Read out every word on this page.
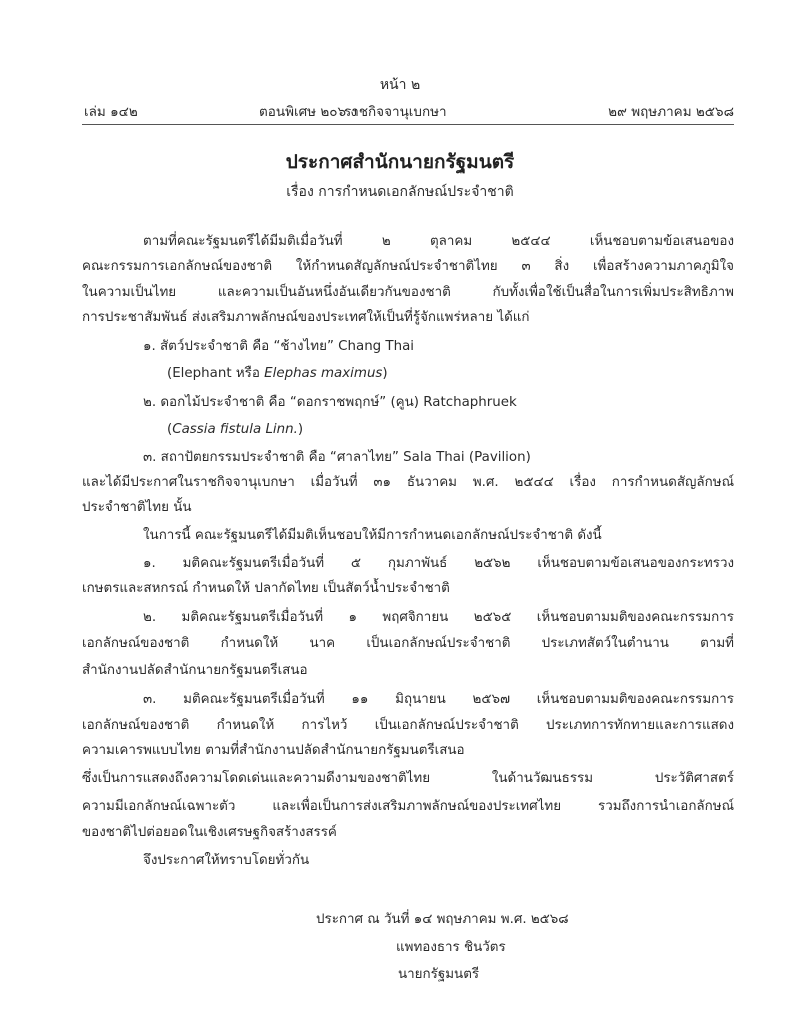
หน้า ๒
เล่ม ๑๔๒	ตอนพิเศษ ๒๐๖ ง
ราชกิจจานุเบกษา	๒๙ พฤษภาคม ๒๕๖๘
ประกาศสำนักนายกรัฐมนตรี
เรื่อง การกำหนดเอกลักษณ์ประจำชาติ
ตามที่คณะรัฐมนตรีได้มีมติเมื่อวันที่ ๒ ตุลาคม ๒๕๔๔ เห็นชอบตามข้อเสนอของ
คณะกรรมการเอกลักษณ์ของชาติ ให้กำหนดสัญลักษณ์ประจำชาติไทย ๓ สิ่ง เพื่อสร้างความภาคภูมิใจ
ในความเป็นไทย และความเป็นอันหนึ่งอันเดียวกันของชาติ กับทั้งเพื่อใช้เป็นสื่อในการเพิ่มประสิทธิภาพ
การประชาสัมพันธ์ ส่งเสริมภาพลักษณ์ของประเทศให้เป็นที่รู้จักแพร่หลาย ได้แก่
๑. สัตว์ประจำชาติ คือ “ช้างไทย” Chang Thai
(Elephant หรือ Elephas maximus)
๒. ดอกไม้ประจำชาติ คือ “ดอกราชพฤกษ์” (คูน) Ratchaphruek
(Cassia fistula Linn.)
๓. สถาปัตยกรรมประจำชาติ คือ “ศาลาไทย” Sala Thai (Pavilion)
และได้มีประกาศในราชกิจจานุเบกษา เมื่อวันที่ ๓๑ ธันวาคม พ.ศ. ๒๕๔๔ เรื่อง การกำหนดสัญลักษณ์
ประจำชาติไทย นั้น
ในการนี้ คณะรัฐมนตรีได้มีมติเห็นชอบให้มีการกำหนดเอกลักษณ์ประจำชาติ ดังนี้
๑. มติคณะรัฐมนตรีเมื่อวันที่ ๕ กุมภาพันธ์ ๒๕๖๒ เห็นชอบตามข้อเสนอของกระทรวง
เกษตรและสหกรณ์ กำหนดให้ ปลากัดไทย เป็นสัตว์น้ำประจำชาติ
๒. มติคณะรัฐมนตรีเมื่อวันที่ ๑ พฤศจิกายน ๒๕๖๕ เห็นชอบตามมติของคณะกรรมการ
เอกลักษณ์ของชาติ กำหนดให้ นาค เป็นเอกลักษณ์ประจำชาติ ประเภทสัตว์ในตำนาน ตามที่
สำนักงานปลัดสำนักนายกรัฐมนตรีเสนอ
๓. มติคณะรัฐมนตรีเมื่อวันที่ ๑๑ มิถุนายน ๒๕๖๗ เห็นชอบตามมติของคณะกรรมการ
เอกลักษณ์ของชาติ กำหนดให้ การไหว้ เป็นเอกลักษณ์ประจำชาติ ประเภทการทักทายและการแสดง
ความเคารพแบบไทย ตามที่สำนักงานปลัดสำนักนายกรัฐมนตรีเสนอ
ซึ่งเป็นการแสดงถึงความโดดเด่นและความดีงามของชาติไทย ในด้านวัฒนธรรม ประวัติศาสตร์
ความมีเอกลักษณ์เฉพาะตัว และเพื่อเป็นการส่งเสริมภาพลักษณ์ของประเทศไทย รวมถึงการนำเอกลักษณ์
ของชาติไปต่อยอดในเชิงเศรษฐกิจสร้างสรรค์
จึงประกาศให้ทราบโดยทั่วกัน
ประกาศ ณ วันที่ ๑๔ พฤษภาคม พ.ศ. ๒๕๖๘
แพทองธาร ชินวัตร
นายกรัฐมนตรี
